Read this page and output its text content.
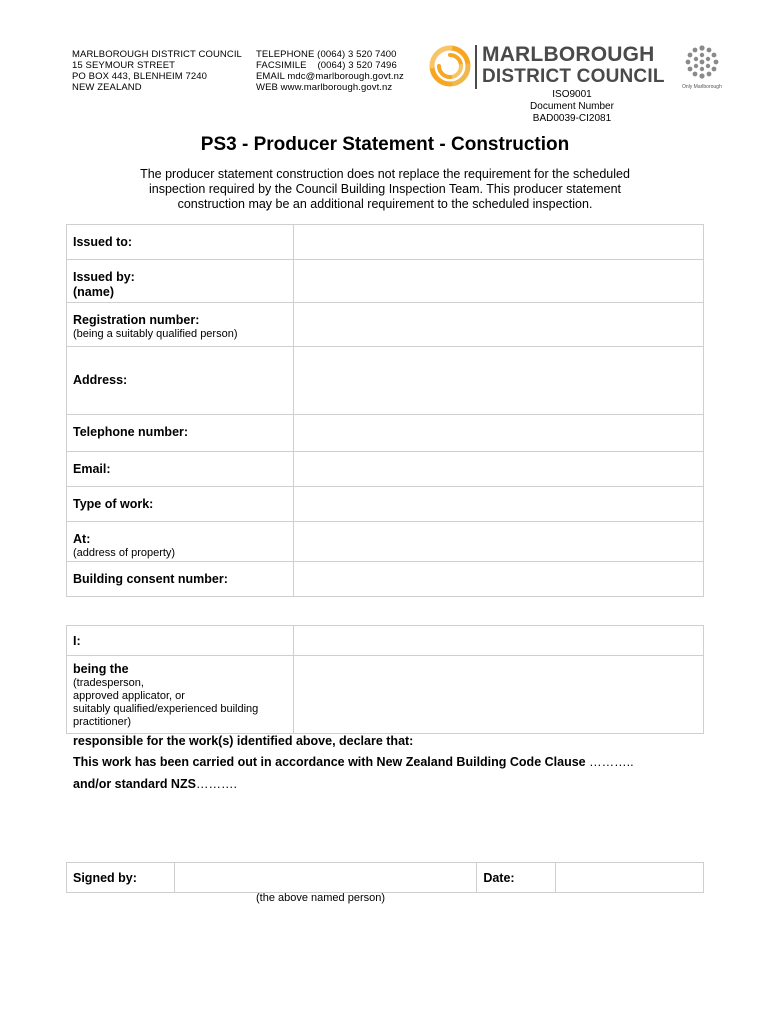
MARLBOROUGH DISTRICT COUNCIL
15 SEYMOUR STREET
PO BOX 443, BLENHEIM 7240
NEW ZEALAND
TELEPHONE (0064) 3 520 7400
FACSIMILE    (0064) 3 520 7496
EMAIL mdc@marlborough.govt.nz
WEB www.marlborough.govt.nz
MARLBOROUGH
DISTRICT COUNCIL	Only Marlborough
ISO9001
Document Number
BAD0039-CI2081
PS3 - Producer Statement - Construction
The producer statement construction does not replace the requirement for the scheduled
inspection required by the Council Building Inspection Team. This producer statement
construction may be an additional requirement to the scheduled inspection.
Issued to:	

Issued by:
(name)	

Registration number:
(being a suitably qualified person)	

Address:	

Telephone number:	

Email:	

Type of work:	

At:
(address of property)	

Building consent number:	

I:	

being the
(tradesperson,
approved applicator, or
suitably qualified/experienced building
practitioner)	

responsible for the work(s) identified above, declare that:
This work has been carried out in accordance with New Zealand Building Code Clause ………..
and/or standard NZS……….
Signed by:		Date:

(the above named person)
